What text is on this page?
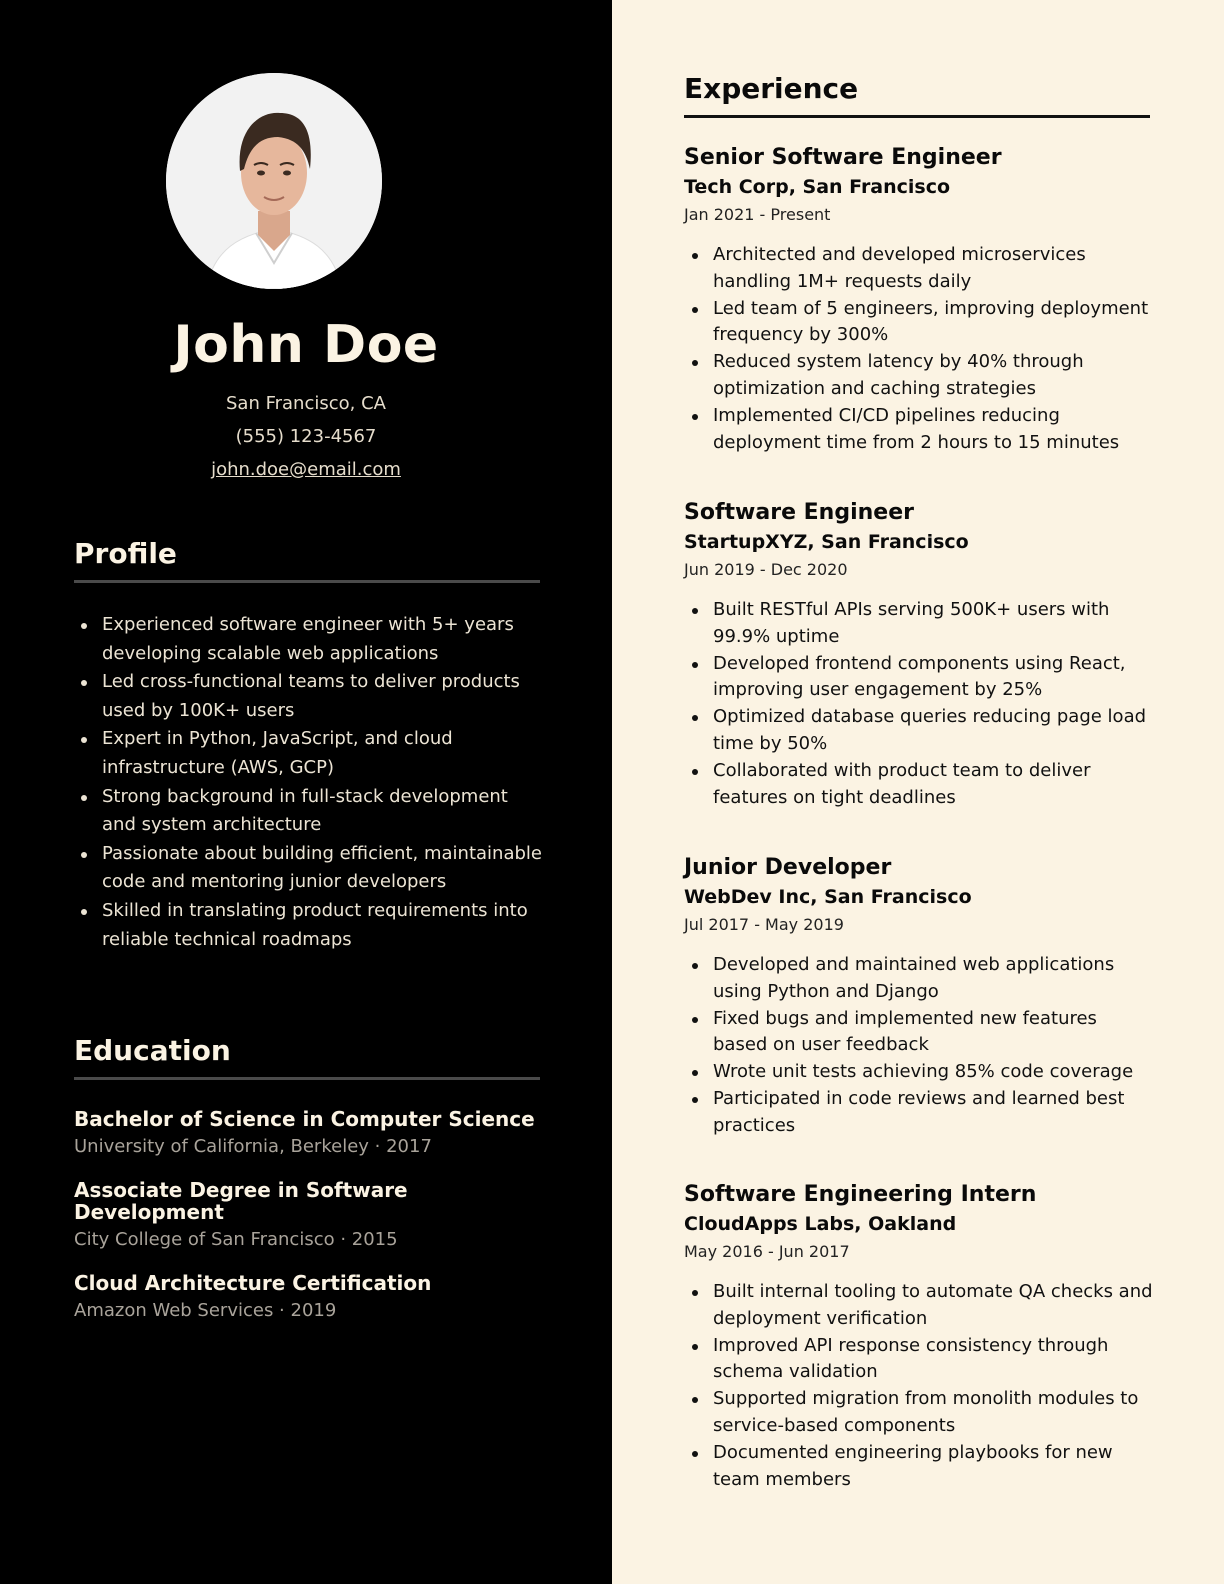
John Doe
San Francisco, CA
(555) 123-4567
john.doe@email.com
Profile
Experienced software engineer with 5+ years developing scalable web applications
Led cross-functional teams to deliver products used by 100K+ users
Expert in Python, JavaScript, and cloud infrastructure (AWS, GCP)
Strong background in full-stack development and system architecture
Passionate about building efficient, maintainable code and mentoring junior developers
Skilled in translating product requirements into reliable technical roadmaps
Education
Bachelor of Science in Computer Science
University of California, Berkeley · 2017
Associate Degree in Software Development
City College of San Francisco · 2015
Cloud Architecture Certification
Amazon Web Services · 2019
Experience
Senior Software Engineer
Tech Corp, San Francisco
Jan 2021 - Present
Architected and developed microservices handling 1M+ requests daily
Led team of 5 engineers, improving deployment frequency by 300%
Reduced system latency by 40% through optimization and caching strategies
Implemented CI/CD pipelines reducing deployment time from 2 hours to 15 minutes
Software Engineer
StartupXYZ, San Francisco
Jun 2019 - Dec 2020
Built RESTful APIs serving 500K+ users with 99.9% uptime
Developed frontend components using React, improving user engagement by 25%
Optimized database queries reducing page load time by 50%
Collaborated with product team to deliver features on tight deadlines
Junior Developer
WebDev Inc, San Francisco
Jul 2017 - May 2019
Developed and maintained web applications using Python and Django
Fixed bugs and implemented new features based on user feedback
Wrote unit tests achieving 85% code coverage
Participated in code reviews and learned best practices
Software Engineering Intern
CloudApps Labs, Oakland
May 2016 - Jun 2017
Built internal tooling to automate QA checks and deployment verification
Improved API response consistency through schema validation
Supported migration from monolith modules to service-based components
Documented engineering playbooks for new team members
